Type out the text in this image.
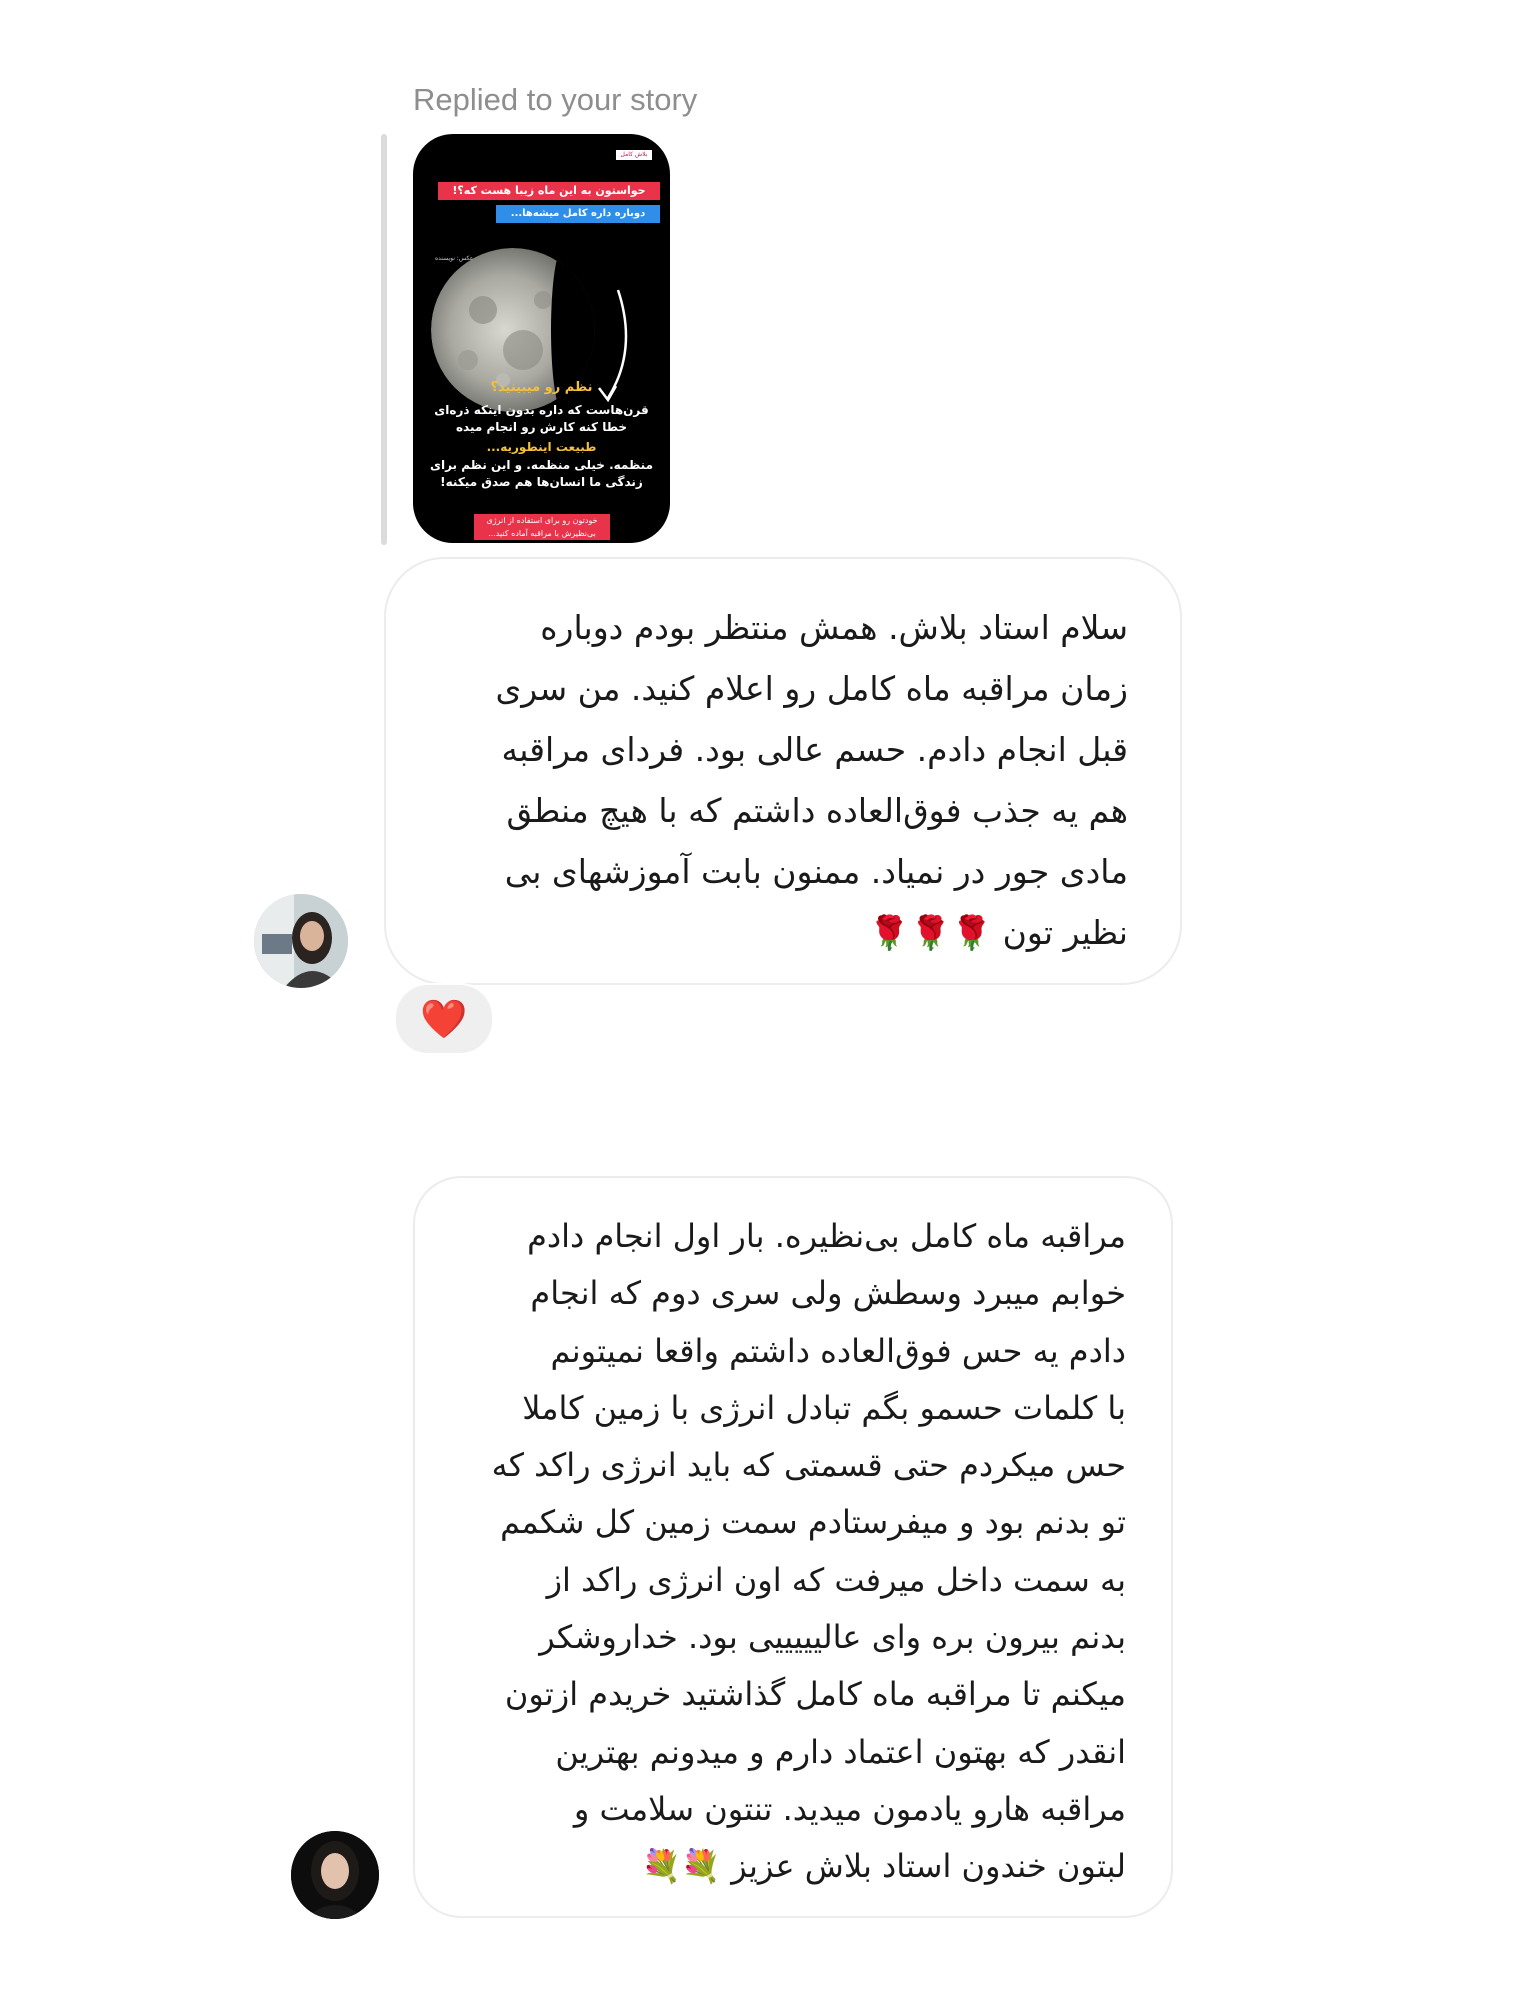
Replied to your story
بلاش کامل
حواستون به این ماه زیبا هست که؟!
دوباره داره کامل میشه‌ها...
عکس: نویسنده
نظم رو میبینید؟
قرن‌هاست که داره بدون اینکه ذره‌ای
خطا کنه کارش رو انجام میده
طبیعت اینطوریه...
منظمه. خیلی منظمه. و این نظم برای
زندگی ما انسان‌ها هم صدق میکنه!
خودتون رو برای استفاده از انرژی
بی‌نظیرش با مراقبه آماده کنید...

سلام استاد بلاش. همش منتظر بودم دوباره
زمان مراقبه ماه کامل رو اعلام کنید. من سری
قبل انجام دادم. حسم عالی بود. فردای مراقبه
هم یه جذب فوق‌العاده داشتم که با هیچ منطق
مادی جور در نمیاد. ممنون بابت آموزشهای بی
نظیر تون 🌹🌹🌹

❤️

مراقبه ماه کامل بی‌نظیره. بار اول انجام دادم
خوابم میبرد وسطش ولی سری دوم که انجام
دادم یه حس فوق‌العاده داشتم واقعا نمیتونم
با کلمات حسمو بگم تبادل انرژی با زمین کاملا
حس میکردم حتی قسمتی که باید انرژی راکد که
تو بدنم بود و میفرستادم سمت زمین کل شکمم
به سمت داخل میرفت که اون انرژی راکد از
بدنم بیرون بره وای عالیییییی بود. خداروشکر
میکنم تا مراقبه ماه کامل گذاشتید خریدم ازتون
انقدر که بهتون اعتماد دارم و میدونم بهترین
مراقبه هارو یادمون میدید. تنتون سلامت و
لبتون خندون استاد بلاش عزیز 💐💐
